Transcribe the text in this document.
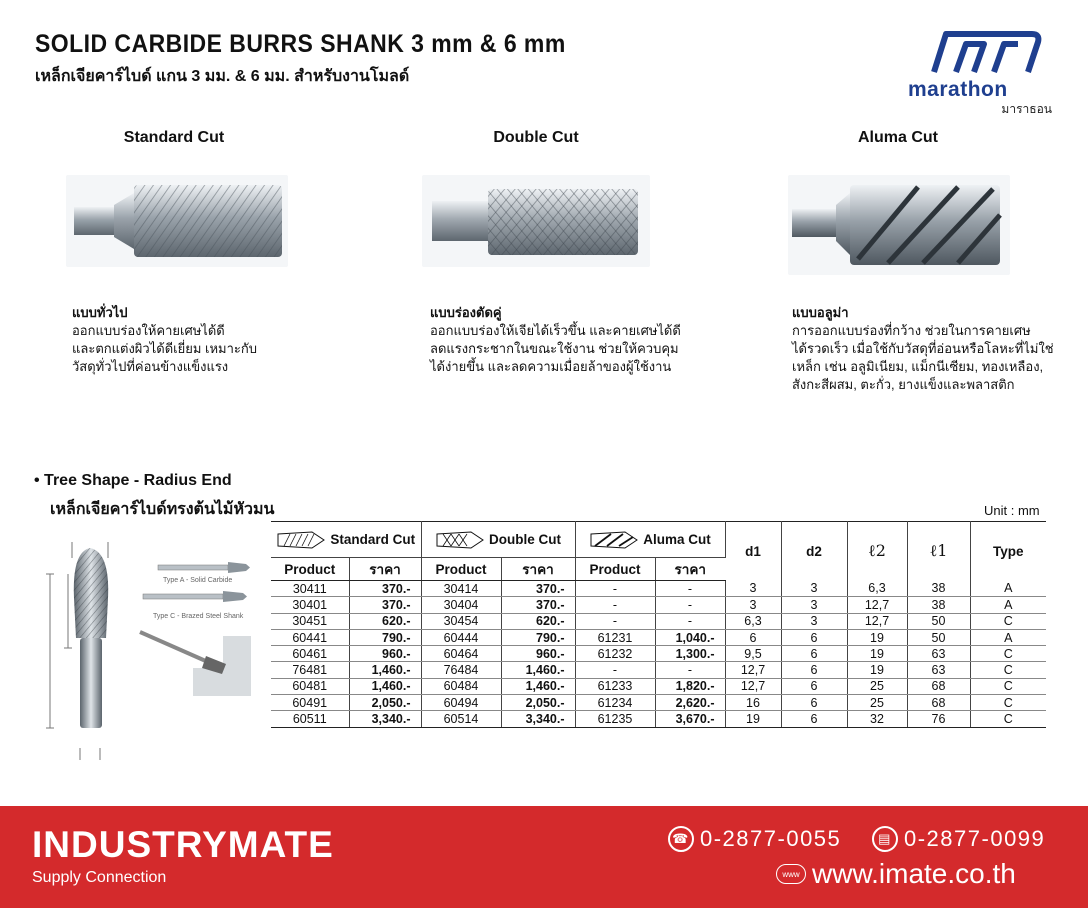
SOLID CARBIDE BURRS SHANK 3 mm & 6 mm
เหล็กเจียคาร์ไบด์ แกน 3 มม. & 6 มม. สำหรับงานโมลด์
marathon
มาราธอน
Standard Cut	Double Cut	Aluma Cut
แบบทั่วไป
ออกแบบร่องให้คายเศษได้ดี
และตกแต่งผิวได้ดีเยี่ยม เหมาะกับ
วัสดุทั่วไปที่ค่อนข้างแข็งแรง
แบบร่องตัดคู่
ออกแบบร่องให้เจียได้เร็วขึ้น และคายเศษได้ดี
ลดแรงกระชากในขณะใช้งาน ช่วยให้ควบคุม
ได้ง่ายขึ้น และลดความเมื่อยล้าของผู้ใช้งาน
แบบอลูม่า
การออกแบบร่องที่กว้าง ช่วยในการคายเศษ
ได้รวดเร็ว เมื่อใช้กับวัสดุที่อ่อนหรือโลหะที่ไม่ใช่
เหล็ก เช่น อลูมิเนียม, แม็กนีเซียม, ทองเหลือง,
สังกะสีผสม, ตะกั่ว, ยางแข็งและพลาสติก
• Tree Shape - Radius End
เหล็กเจียคาร์ไบด์ทรงต้นไม้หัวมน	Unit : mm
Type A - Solid Carbide
Type C - Brazed Steel Shank
Standard Cut		Double Cut		Aluma Cut		d1	d2	ℓ2	ℓ1	Type
Product	ราคา	Product	ราคา	Product	ราคา					
30411	370.-	30414	370.-	-	-	3	3	6,3	38	A
30401	370.-	30404	370.-	-	-	3	3	12,7	38	A
30451	620.-	30454	620.-	-	-	6,3	3	12,7	50	C
60441	790.-	60444	790.-	61231	1,040.-	6	6	19	50	A
60461	960.-	60464	960.-	61232	1,300.-	9,5	6	19	63	C
76481	1,460.-	76484	1,460.-	-	-	12,7	6	19	63	C
60481	1,460.-	60484	1,460.-	61233	1,820.-	12,7	6	25	68	C
60491	2,050.-	60494	2,050.-	61234	2,620.-	16	6	25	68	C
60511	3,340.-	60514	3,340.-	61235	3,670.-	19	6	32	76	C
INDUSTRYMATE
Supply Connection
☎ 0-2877-0055	▤ 0-2877-0099
www www.imate.co.th
